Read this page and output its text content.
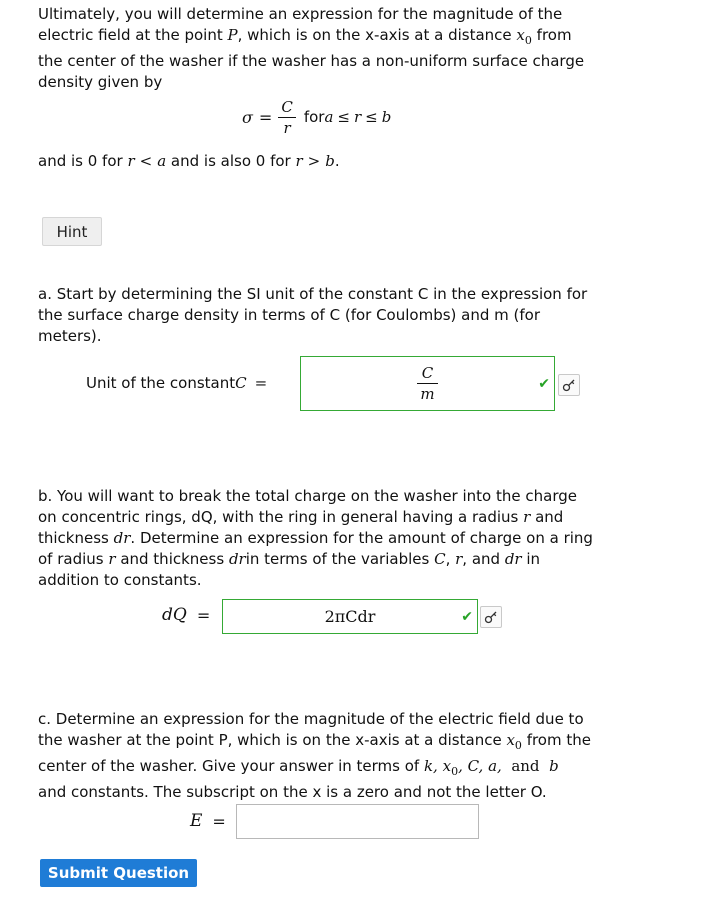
Ultimately, you will determine an expression for the magnitude of the
electric field at the point P, which is on the x-axis at a distance $x_0$ from
the center of the washer if the washer has a non-uniform surface charge
density given by
$\sigma = \frac{C}{r}$ for a ≤ r ≤ b
and is 0 for r < a and is also 0 for r > b.
Hint
a. Start by determining the SI unit of the constant C in the expression for
the surface charge density in terms of C (for Coulombs) and m (for
meters).
Unit of the constant C =	$\frac{C}{m}$	✔
b. You will want to break the total charge on the washer into the charge
on concentric rings, dQ, with the ring in general having a radius r and
thickness dr. Determine an expression for the amount of charge on a ring
of radius r and thickness drin terms of the variables C, r, and dr in
addition to constants.
dQ =	2πCdr	✔
c. Determine an expression for the magnitude of the electric field due to
the washer at the point P, which is on the x-axis at a distance $x_0$ from the
center of the washer. Give your answer in terms of k, $x_0$, C, a,  and  b
and constants. The subscript on the x is a zero and not the letter O.
E =
Submit Question
